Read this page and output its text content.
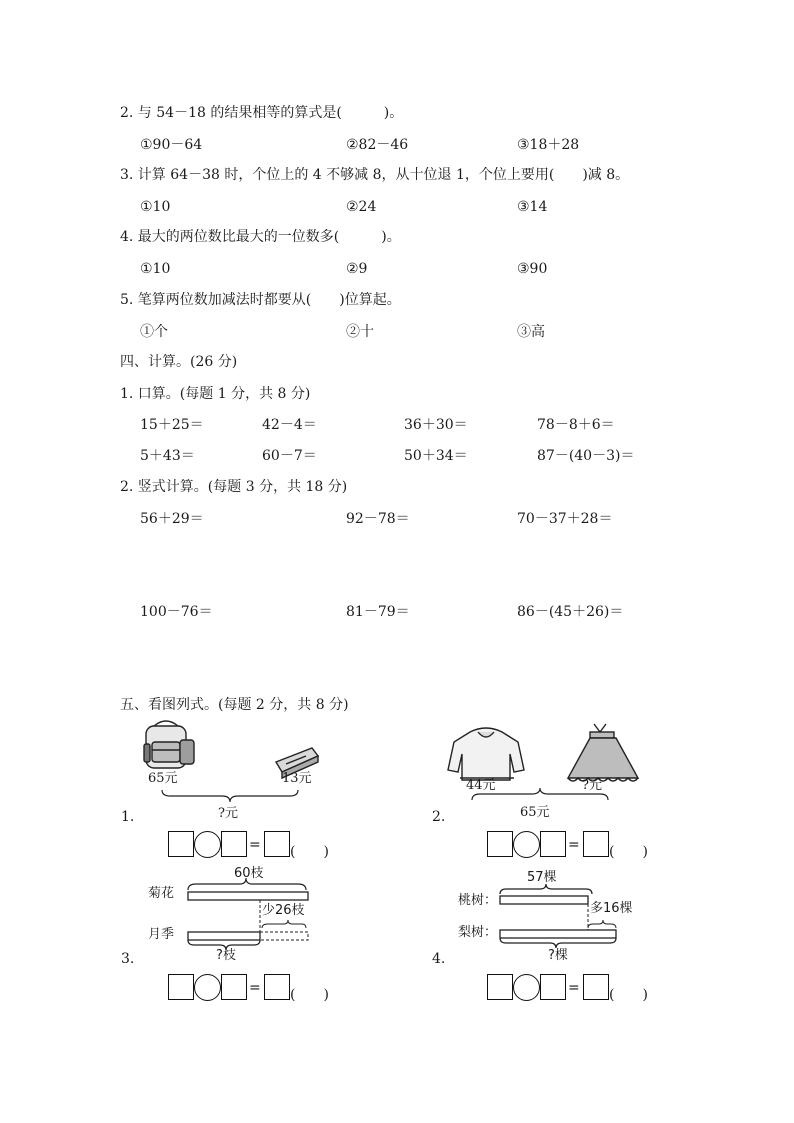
2. 与 54－18 的结果相等的算式是(　　　)。
①90－64	②82－46	③18＋28
3. 计算 64－38 时，个位上的 4 不够减 8，从十位退 1，个位上要用(　　)减 8。
①10	②24	③14
4. 最大的两位数比最大的一位数多(　　　)。
①10	②9	③90
5. 笔算两位数加减法时都要从(　　)位算起。
①个	②十	③高
四、计算。(26 分)
1. 口算。(每题 1 分，共 8 分)
15＋25＝	42－4＝	36＋30＝	78－8＋6＝
5＋43＝	60－7＝	50＋34＝	87－(40－3)＝
2. 竖式计算。(每题 3 分，共 18 分)
56＋29＝	92－78＝	70－37＋28＝
100－76＝	81－79＝	86－(45＋26)＝
五、看图列式。(每题 2 分，共 8 分)
65元	13元
?元
1.
= (　　)
44元	?元
65元
2.
= (　　)
60枝
菊花
少26枝
月季
?枝
3.
= (　　)
57棵
桃树：
多16棵
梨树：
?棵
4.
= (　　)
